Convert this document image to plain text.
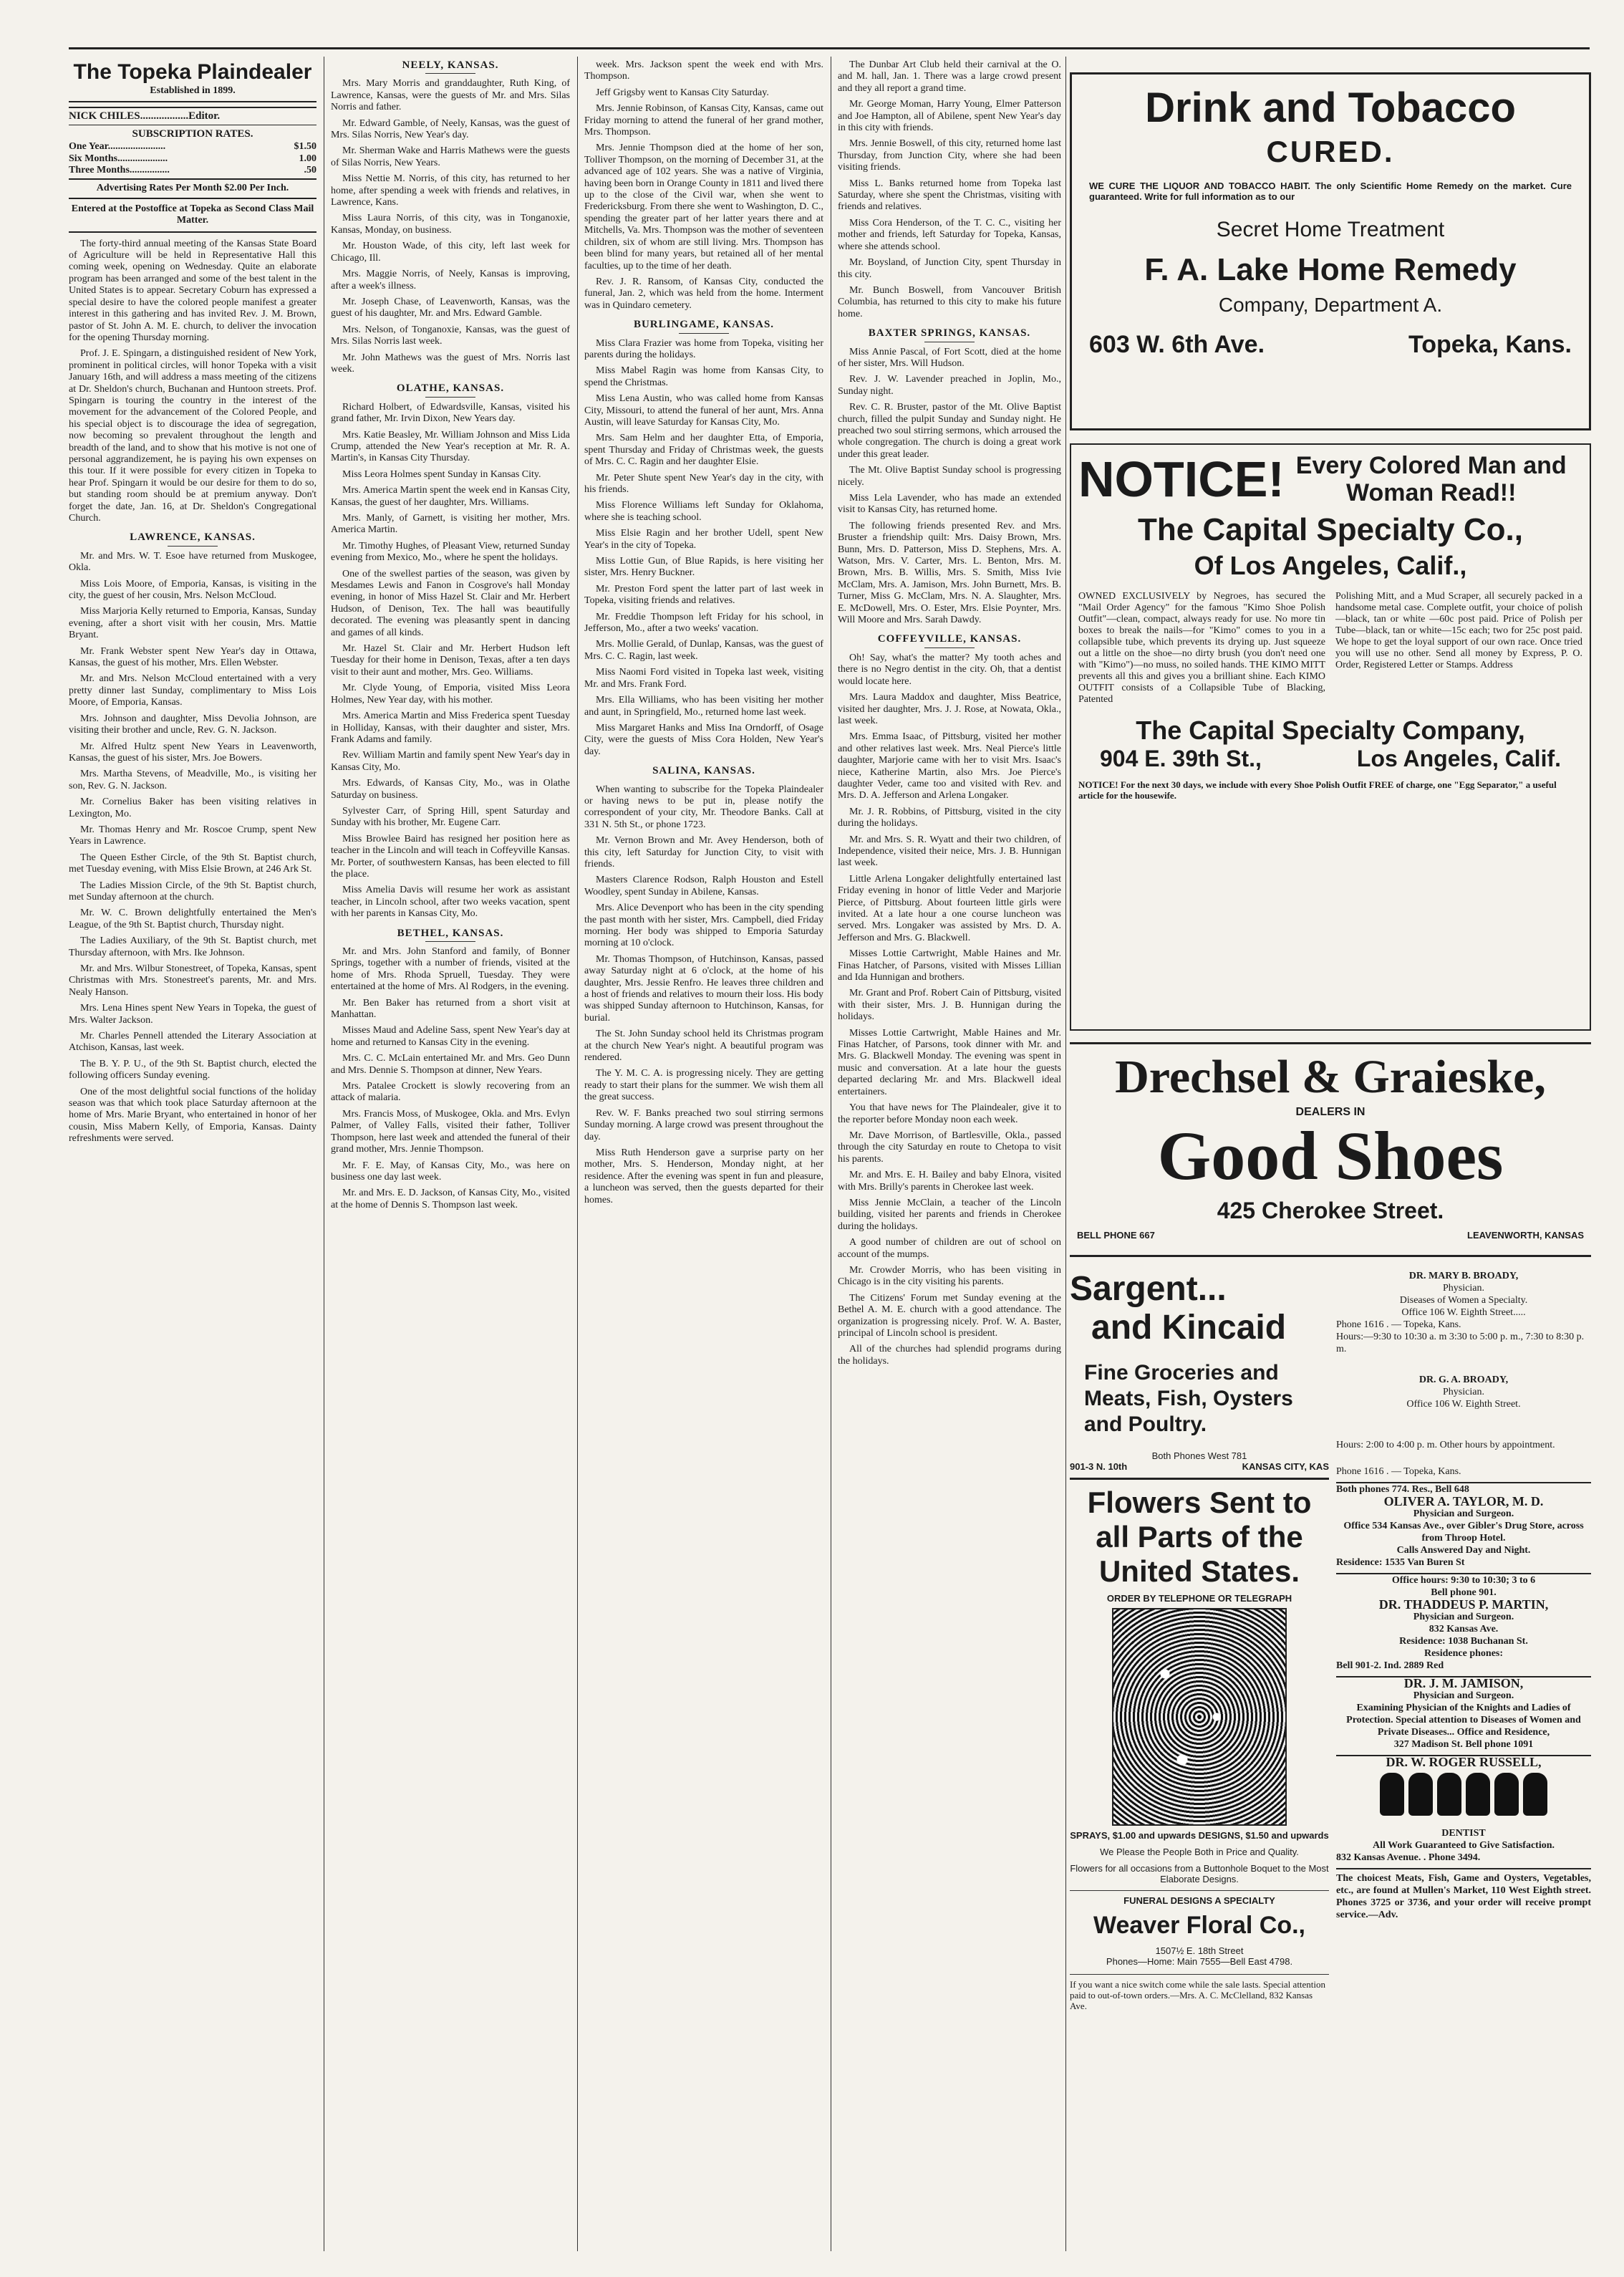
The Topeka Plaindealer
Established in 1899.
NICK CHILES..................Editor.
SUBSCRIPTION RATES.
One Year.......................	$1.50
Six Months....................	1.00
Three Months................	.50
Advertising Rates Per Month $2.00 Per Inch.
Entered at the Postoffice at Topeka as Second Class Mail Matter.

The forty-third annual meeting of the Kansas State Board of Agriculture will be held in Representative Hall this coming week, opening on Wednesday. Quite an elaborate program has been arranged and some of the best talent in the United States is to appear. Secretary Coburn has expressed a special desire to have the colored people manifest a greater interest in this gathering and has invited Rev. J. M. Brown, pastor of St. John A. M. E. church, to deliver the invocation for the opening Thursday morning.

Prof. J. E. Spingarn, a distinguished resident of New York, prominent in political circles, will honor Topeka with a visit January 16th, and will address a mass meeting of the citizens at Dr. Sheldon's church, Buchanan and Huntoon streets. Prof. Spingarn is touring the country in the interest of the movement for the advancement of the Colored People, and his special object is to discourage the idea of segregation, now becoming so prevalent throughout the length and breadth of the land, and to show that his motive is not one of personal aggrandizement, he is paying his own expenses on this tour. If it were possible for every citizen in Topeka to hear Prof. Spingarn it would be our desire for them to do so, but standing room should be at premium anyway. Don't forget the date, Jan. 16, at Dr. Sheldon's Congregational Church.

LAWRENCE, KANSAS.

Mr. and Mrs. W. T. Esoe have returned from Muskogee, Okla.

Miss Lois Moore, of Emporia, Kansas, is visiting in the city, the guest of her cousin, Mrs. Nelson McCloud.

Miss Marjoria Kelly returned to Emporia, Kansas, Sunday evening, after a short visit with her cousin, Mrs. Mattie Bryant.

Mr. Frank Webster spent New Year's day in Ottawa, Kansas, the guest of his mother, Mrs. Ellen Webster.

Mr. and Mrs. Nelson McCloud entertained with a very pretty dinner last Sunday, complimentary to Miss Lois Moore, of Emporia, Kansas.

Mrs. Johnson and daughter, Miss Devolia Johnson, are visiting their brother and uncle, Rev. G. N. Jackson.

Mr. Alfred Hultz spent New Years in Leavenworth, Kansas, the guest of his sister, Mrs. Joe Bowers.

Mrs. Martha Stevens, of Meadville, Mo., is visiting her son, Rev. G. N. Jackson.

Mr. Cornelius Baker has been visiting relatives in Lexington, Mo.

Mr. Thomas Henry and Mr. Roscoe Crump, spent New Years in Lawrence.

The Queen Esther Circle, of the 9th St. Baptist church, met Tuesday evening, with Miss Elsie Brown, at 246 Ark St.

The Ladies Mission Circle, of the 9th St. Baptist church, met Sunday afternoon at the church.

Mr. W. C. Brown delightfully entertained the Men's League, of the 9th St. Baptist church, Thursday night.

The Ladies Auxiliary, of the 9th St. Baptist church, met Thursday afternoon, with Mrs. Ike Johnson.

Mr. and Mrs. Wilbur Stonestreet, of Topeka, Kansas, spent Christmas with Mrs. Stonestreet's parents, Mr. and Mrs. Nealy Hanson.

Mrs. Lena Hines spent New Years in Topeka, the guest of Mrs. Walter Jackson.

Mr. Charles Pennell attended the Literary Association at Atchison, Kansas, last week.

The B. Y. P. U., of the 9th St. Baptist church, elected the following officers Sunday evening.

One of the most delightful social functions of the holiday season was that which took place Saturday afternoon at the home of Mrs. Marie Bryant, who entertained in honor of her cousin, Miss Mabern Kelly, of Emporia, Kansas. Dainty refreshments were served.

NEELY, KANSAS.

Mrs. Mary Morris and granddaughter, Ruth King, of Lawrence, Kansas, were the guests of Mr. and Mrs. Silas Norris and father.

Mr. Edward Gamble, of Neely, Kansas, was the guest of Mrs. Silas Norris, New Year's day.

Mr. Sherman Wake and Harris Mathews were the guests of Silas Norris, New Years.

Miss Nettie M. Norris, of this city, has returned to her home, after spending a week with friends and relatives, in Lawrence, Kans.

Miss Laura Norris, of this city, was in Tonganoxie, Kansas, Monday, on business.

Mr. Houston Wade, of this city, left last week for Chicago, Ill.

Mrs. Maggie Norris, of Neely, Kansas is improving, after a week's illness.

Mr. Joseph Chase, of Leavenworth, Kansas, was the guest of his daughter, Mr. and Mrs. Edward Gamble.

Mrs. Nelson, of Tonganoxie, Kansas, was the guest of Mrs. Silas Norris last week.

Mr. John Mathews was the guest of Mrs. Norris last week.

OLATHE, KANSAS.

Richard Holbert, of Edwardsville, Kansas, visited his grand father, Mr. Irvin Dixon, New Years day.

Mrs. Katie Beasley, Mr. William Johnson and Miss Lida Crump, attended the New Year's reception at Mr. R. A. Martin's, in Kansas City Thursday.

Miss Leora Holmes spent Sunday in Kansas City.

Mrs. America Martin spent the week end in Kansas City, Kansas, the guest of her daughter, Mrs. Williams.

Mrs. Manly, of Garnett, is visiting her mother, Mrs. America Martin.

Mr. Timothy Hughes, of Pleasant View, returned Sunday evening from Mexico, Mo., where he spent the holidays.

One of the swellest parties of the season, was given by Mesdames Lewis and Fanon in Cosgrove's hall Monday evening, in honor of Miss Hazel St. Clair and Mr. Herbert Hudson, of Denison, Tex. The hall was beautifully decorated. The evening was pleasantly spent in dancing and games of all kinds.

Mr. Hazel St. Clair and Mr. Herbert Hudson left Tuesday for their home in Denison, Texas, after a ten days visit to their aunt and mother, Mrs. Geo. Williams.

Mr. Clyde Young, of Emporia, visited Miss Leora Holmes, New Year day, with his mother.

Mrs. America Martin and Miss Frederica spent Tuesday in Holliday, Kansas, with their daughter and sister, Mrs. Frank Adams and family.

Rev. William Martin and family spent New Year's day in Kansas City, Mo.

Mrs. Edwards, of Kansas City, Mo., was in Olathe Saturday on business.

Sylvester Carr, of Spring Hill, spent Saturday and Sunday with his brother, Mr. Eugene Carr.

Miss Browlee Baird has resigned her position here as teacher in the Lincoln and will teach in Coffeyville Kansas. Mr. Porter, of southwestern Kansas, has been elected to fill the place.

Miss Amelia Davis will resume her work as assistant teacher, in Lincoln school, after two weeks vacation, spent with her parents in Kansas City, Mo.

BETHEL, KANSAS.

Mr. and Mrs. John Stanford and family, of Bonner Springs, together with a number of friends, visited at the home of Mrs. Rhoda Spruell, Tuesday. They were entertained at the home of Mrs. Al Rodgers, in the evening.

Mr. Ben Baker has returned from a short visit at Manhattan.

Misses Maud and Adeline Sass, spent New Year's day at home and returned to Kansas City in the evening.

Mrs. C. C. McLain entertained Mr. and Mrs. Geo Dunn and Mrs. Dennie S. Thompson at dinner, New Years.

Mrs. Patalee Crockett is slowly recovering from an attack of malaria.

Mrs. Francis Moss, of Muskogee, Okla. and Mrs. Evlyn Palmer, of Valley Falls, visited their father, Tolliver Thompson, here last week and attended the funeral of their grand mother, Mrs. Jennie Thompson.

Mr. F. E. May, of Kansas City, Mo., was here on business one day last week.

Mr. and Mrs. E. D. Jackson, of Kansas City, Mo., visited at the home of Dennis S. Thompson last week.

week. Mrs. Jackson spent the week end with Mrs. Thompson.

Jeff Grigsby went to Kansas City Saturday.

Mrs. Jennie Robinson, of Kansas City, Kansas, came out Friday morning to attend the funeral of her grand mother, Mrs. Thompson.

Mrs. Jennie Thompson died at the home of her son, Tolliver Thompson, on the morning of December 31, at the advanced age of 102 years. She was a native of Virginia, having been born in Orange County in 1811 and lived there up to the close of the Civil war, when she went to Fredericksburg. From there she went to Washington, D. C., spending the greater part of her latter years there and at Mitchells, Va. Mrs. Thompson was the mother of seventeen children, six of whom are still living. Mrs. Thompson has been blind for many years, but retained all of her mental faculties, up to the time of her death.

Rev. J. R. Ransom, of Kansas City, conducted the funeral, Jan. 2, which was held from the home. Interment was in Quindaro cemetery.

BURLINGAME, KANSAS.

Miss Clara Frazier was home from Topeka, visiting her parents during the holidays.

Miss Mabel Ragin was home from Kansas City, to spend the Christmas.

Miss Lena Austin, who was called home from Kansas City, Missouri, to attend the funeral of her aunt, Mrs. Anna Austin, will leave Saturday for Kansas City, Mo.

Mrs. Sam Helm and her daughter Etta, of Emporia, spent Thursday and Friday of Christmas week, the guests of Mrs. C. C. Ragin and her daughter Elsie.

Mr. Peter Shute spent New Year's day in the city, with his friends.

Miss Florence Williams left Sunday for Oklahoma, where she is teaching school.

Miss Elsie Ragin and her brother Udell, spent New Year's in the city of Topeka.

Miss Lottie Gun, of Blue Rapids, is here visiting her sister, Mrs. Henry Buckner.

Mr. Preston Ford spent the latter part of last week in Topeka, visiting friends and relatives.

Mr. Freddie Thompson left Friday for his school, in Jefferson, Mo., after a two weeks' vacation.

Mrs. Mollie Gerald, of Dunlap, Kansas, was the guest of Mrs. C. C. Ragin, last week.

Miss Naomi Ford visited in Topeka last week, visiting Mr. and Mrs. Frank Ford.

Mrs. Ella Williams, who has been visiting her mother and aunt, in Springfield, Mo., returned home last week.

Miss Margaret Hanks and Miss Ina Orndorff, of Osage City, were the guests of Miss Cora Holden, New Year's day.

SALINA, KANSAS.

When wanting to subscribe for the Topeka Plaindealer or having news to be put in, please notify the correspondent of your city, Mr. Theodore Banks. Call at 331 N. 5th St., or phone 1723.

Mr. Vernon Brown and Mr. Avey Henderson, both of this city, left Saturday for Junction City, to visit with friends.

Masters Clarence Rodson, Ralph Houston and Estell Woodley, spent Sunday in Abilene, Kansas.

Mrs. Alice Devenport who has been in the city spending the past month with her sister, Mrs. Campbell, died Friday morning. Her body was shipped to Emporia Saturday morning at 10 o'clock.

Mr. Thomas Thompson, of Hutchinson, Kansas, passed away Saturday night at 6 o'clock, at the home of his daughter, Mrs. Jessie Renfro. He leaves three children and a host of friends and relatives to mourn their loss. His body was shipped Sunday afternoon to Hutchinson, Kansas, for burial.

The St. John Sunday school held its Christmas program at the church New Year's night. A beautiful program was rendered.

The Y. M. C. A. is progressing nicely. They are getting ready to start their plans for the summer. We wish them all the great success.

Rev. W. F. Banks preached two soul stirring sermons Sunday morning. A large crowd was present throughout the day.

Miss Ruth Henderson gave a surprise party on her mother, Mrs. S. Henderson, Monday night, at her residence. After the evening was spent in fun and pleasure, a luncheon was served, then the guests departed for their homes.

The Dunbar Art Club held their carnival at the O. and M. hall, Jan. 1. There was a large crowd present and they all report a grand time.

Mr. George Moman, Harry Young, Elmer Patterson and Joe Hampton, all of Abilene, spent New Year's day in this city with friends.

Mrs. Jennie Boswell, of this city, returned home last Thursday, from Junction City, where she had been visiting friends.

Miss L. Banks returned home from Topeka last Saturday, where she spent the Christmas, visiting with friends and relatives.

Miss Cora Henderson, of the T. C. C., visiting her mother and friends, left Saturday for Topeka, Kansas, where she attends school.

Mr. Boysland, of Junction City, spent Thursday in this city.

Mr. Bunch Boswell, from Vancouver British Columbia, has returned to this city to make his future home.

BAXTER SPRINGS, KANSAS.

Miss Annie Pascal, of Fort Scott, died at the home of her sister, Mrs. Will Hudson.

Rev. J. W. Lavender preached in Joplin, Mo., Sunday night.

Rev. C. R. Bruster, pastor of the Mt. Olive Baptist church, filled the pulpit Sunday and Sunday night. He preached two soul stirring sermons, which arroused the whole congregation. The church is doing a great work under this great leader.

The Mt. Olive Baptist Sunday school is progressing nicely.

Miss Lela Lavender, who has made an extended visit to Kansas City, has returned home.

The following friends presented Rev. and Mrs. Bruster a friendship quilt: Mrs. Daisy Brown, Mrs. Bunn, Mrs. D. Patterson, Miss D. Stephens, Mrs. A. Watson, Mrs. V. Carter, Mrs. L. Benton, Mrs. M. Brown, Mrs. B. Willis, Mrs. S. Smith, Miss Ivie McClam, Mrs. A. Jamison, Mrs. John Burnett, Mrs. B. Turner, Miss G. McClam, Mrs. N. A. Slaughter, Mrs. E. McDowell, Mrs. O. Ester, Mrs. Elsie Poynter, Mrs. Will Moore and Mrs. Sarah Dawdy.

COFFEYVILLE, KANSAS.

Oh! Say, what's the matter? My tooth aches and there is no Negro dentist in the city. Oh, that a dentist would locate here.

Mrs. Laura Maddox and daughter, Miss Beatrice, visited her daughter, Mrs. J. J. Rose, at Nowata, Okla., last week.

Mrs. Emma Isaac, of Pittsburg, visited her mother and other relatives last week. Mrs. Neal Pierce's little daughter, Marjorie came with her to visit Mrs. Isaac's niece, Katherine Martin, also Mrs. Joe Pierce's daughter Veder, came too and visited with Rev. and Mrs. D. A. Jefferson and Arlena Longaker.

Mr. J. R. Robbins, of Pittsburg, visited in the city during the holidays.

Mr. and Mrs. S. R. Wyatt and their two children, of Independence, visited their neice, Mrs. J. B. Hunnigan last week.

Little Arlena Longaker delightfully entertained last Friday evening in honor of little Veder and Marjorie Pierce, of Pittsburg. About fourteen little girls were invited. At a late hour a one course luncheon was served. Mrs. Longaker was assisted by Mrs. D. A. Jefferson and Mrs. G. Blackwell.

Misses Lottie Cartwright, Mable Haines and Mr. Finas Hatcher, of Parsons, visited with Misses Lillian and Ida Hunnigan and brothers.

Mr. Grant and Prof. Robert Cain of Pittsburg, visited with their sister, Mrs. J. B. Hunnigan during the holidays.

Misses Lottie Cartwright, Mable Haines and Mr. Finas Hatcher, of Parsons, took dinner with Mr. and Mrs. G. Blackwell Monday. The evening was spent in music and conversation. At a late hour the guests departed declaring Mr. and Mrs. Blackwell ideal entertainers.

You that have news for The Plaindealer, give it to the reporter before Monday noon each week.

Mr. Dave Morrison, of Bartlesville, Okla., passed through the city Saturday en route to Chetopa to visit his parents.

Mr. and Mrs. E. H. Bailey and baby Elnora, visited with Mrs. Brilly's parents in Cherokee last week.

Miss Jennie McClain, a teacher of the Lincoln building, visited her parents and friends in Cherokee during the holidays.

A good number of children are out of school on account of the mumps.

Mr. Crowder Morris, who has been visiting in Chicago is in the city visiting his parents.

The Citizens' Forum met Sunday evening at the Bethel A. M. E. church with a good attendance. The organization is progressing nicely. Prof. W. A. Baster, principal of Lincoln school is president.

All of the churches had splendid programs during the holidays.

Drink and Tobacco
CURED.
WE CURE THE LIQUOR AND TOBACCO HABIT. The only Scientific Home Remedy on the market. Cure guaranteed. Write for full information as to our
Secret Home Treatment
F. A. Lake Home Remedy
Company, Department A.
603 W. 6th Ave.	Topeka, Kans.
NOTICE! Every Colored Man and
Woman Read!!
The Capital Specialty Co.,
Of Los Angeles, Calif.,
OWNED EXCLUSIVELY by Negroes, has secured the "Mail Order Agency" for the famous "Kimo Shoe Polish Outfit"—clean, compact, always ready for use. No more tin boxes to break the nails—for "Kimo" comes to you in a collapsible tube, which prevents its drying up. Just squeeze out a little on the shoe—no dirty brush (you don't need one with "Kimo")—no muss, no soiled hands. THE KIMO MITT prevents all this and gives you a brilliant shine. Each KIMO OUTFIT consists of a Collapsible Tube of Blacking, Patented
Polishing Mitt, and a Mud Scraper, all securely packed in a handsome metal case. Complete outfit, your choice of polish—black, tan or white —60c post paid. Price of Polish per Tube—black, tan or white—15c each; two for 25c post paid. We hope to get the loyal support of our own race. Once tried you will use no other. Send all money by Express, P. O. Order, Registered Letter or Stamps. Address
The Capital Specialty Company,
904 E. 39th St.,	Los Angeles, Calif.
NOTICE! For the next 30 days, we include with every Shoe Polish Outfit FREE of charge, one "Egg Separator," a useful article for the housewife.
Drechsel & Graieske,
DEALERS IN
Good Shoes
425 Cherokee Street.
BELL PHONE 667	LEAVENWORTH, KANSAS
Sargent...
and Kincaid
Fine Groceries and Meats, Fish, Oysters and Poultry.
Both Phones West 781
901-3 N. 10th	KANSAS CITY, KAS
Flowers Sent to all Parts of the United States.
ORDER BY TELEPHONE OR TELEGRAPH
SPRAYS, $1.00 and upwards DESIGNS, $1.50 and upwards
We Please the People Both in Price and Quality.
Flowers for all occasions from a Buttonhole Boquet to the Most Elaborate Designs.
FUNERAL DESIGNS A SPECIALTY
Weaver Floral Co.,
1507½ E. 18th Street
Phones—Home: Main 7555—Bell East 4798.
If you want a nice switch come while the sale lasts. Special attention paid to out-of-town orders.—Mrs. A. C. McClelland, 832 Kansas Ave.
DR. MARY B. BROADY,
Physician.
Diseases of Women a Specialty.
Office 106 W. Eighth Street.....
Phone 1616 . — Topeka, Kans.
Hours:—9:30 to 10:30 a. m 3:30 to 5:00 p. m., 7:30 to 8:30 p. m.
DR. G. A. BROADY,
Physician.
Office 106 W. Eighth Street.
Hours: 2:00 to 4:00 p. m. Other hours by appointment.
Phone 1616 . — Topeka, Kans.
Both phones 774. Res., Bell 648
OLIVER A. TAYLOR, M. D.
Physician and Surgeon.
Office 534 Kansas Ave., over Gibler's Drug Store, across from Throop Hotel.
Calls Answered Day and Night.
Residence: 1535 Van Buren St
Office hours: 9:30 to 10:30; 3 to 6
Bell phone 901.
DR. THADDEUS P. MARTIN,
Physician and Surgeon.
832 Kansas Ave.
Residence: 1038 Buchanan St.
Residence phones:
Bell 901-2. Ind. 2889 Red
DR. J. M. JAMISON,
Physician and Surgeon.
Examining Physician of the Knights and Ladies of Protection. Special attention to Diseases of Women and Private Diseases... Office and Residence,
327 Madison St. Bell phone 1091
DR. W. ROGER RUSSELL,
DENTIST
All Work Guaranteed to Give Satisfaction.
832 Kansas Avenue. . Phone 3494.
The choicest Meats, Fish, Game and Oysters, Vegetables, etc., are found at Mullen's Market, 110 West Eighth street. Phones 3725 or 3736, and your order will receive prompt service.—Adv.
